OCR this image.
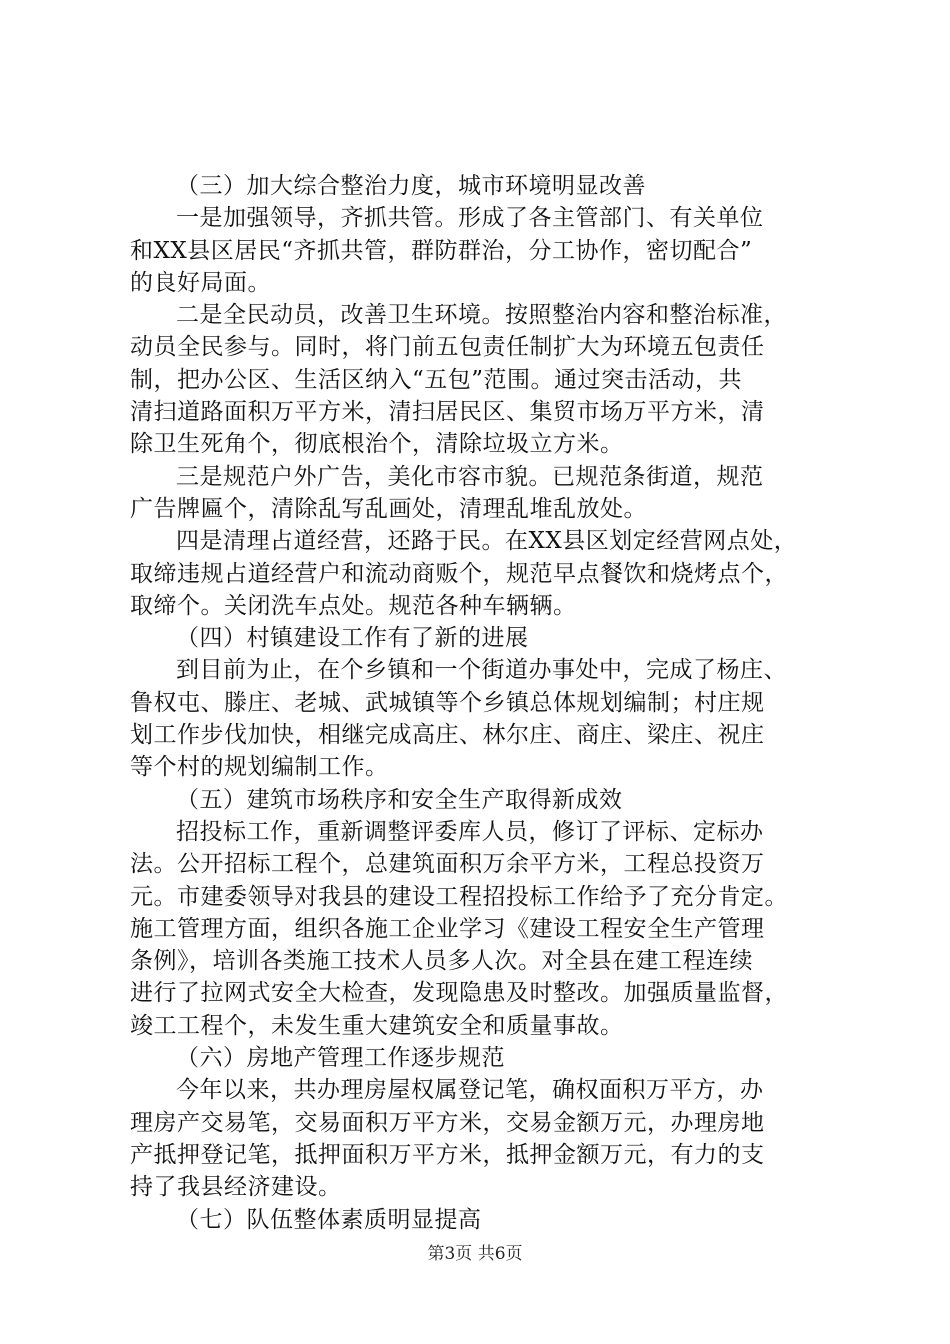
（三）加大综合整治力度，城市环境明显改善
一是加强领导，齐抓共管。形成了各主管部门、有关单位
和XX县区居民“齐抓共管，群防群治，分工协作，密切配合”
的良好局面。
二是全民动员，改善卫生环境。按照整治内容和整治标准，
动员全民参与。同时，将门前五包责任制扩大为环境五包责任
制，把办公区、生活区纳入“五包”范围。通过突击活动，共
清扫道路面积万平方米，清扫居民区、集贸市场万平方米，清
除卫生死角个，彻底根治个，清除垃圾立方米。
三是规范户外广告，美化市容市貌。已规范条街道，规范
广告牌匾个，清除乱写乱画处，清理乱堆乱放处。
四是清理占道经营，还路于民。在XX县区划定经营网点处，
取缔违规占道经营户和流动商贩个，规范早点餐饮和烧烤点个，
取缔个。关闭洗车点处。规范各种车辆辆。
（四）村镇建设工作有了新的进展
到目前为止，在个乡镇和一个街道办事处中，完成了杨庄、
鲁权屯、滕庄、老城、武城镇等个乡镇总体规划编制；村庄规
划工作步伐加快，相继完成高庄、林尔庄、商庄、梁庄、祝庄
等个村的规划编制工作。
（五）建筑市场秩序和安全生产取得新成效
招投标工作，重新调整评委库人员，修订了评标、定标办
法。公开招标工程个，总建筑面积万余平方米，工程总投资万
元。市建委领导对我县的建设工程招投标工作给予了充分肯定。
施工管理方面，组织各施工企业学习《建设工程安全生产管理
条例》，培训各类施工技术人员多人次。对全县在建工程连续
进行了拉网式安全大检查，发现隐患及时整改。加强质量监督，
竣工工程个，未发生重大建筑安全和质量事故。
（六）房地产管理工作逐步规范
今年以来，共办理房屋权属登记笔，确权面积万平方，办
理房产交易笔，交易面积万平方米，交易金额万元，办理房地
产抵押登记笔，抵押面积万平方米，抵押金额万元，有力的支
持了我县经济建设。
（七）队伍整体素质明显提高
第3页 共6页
